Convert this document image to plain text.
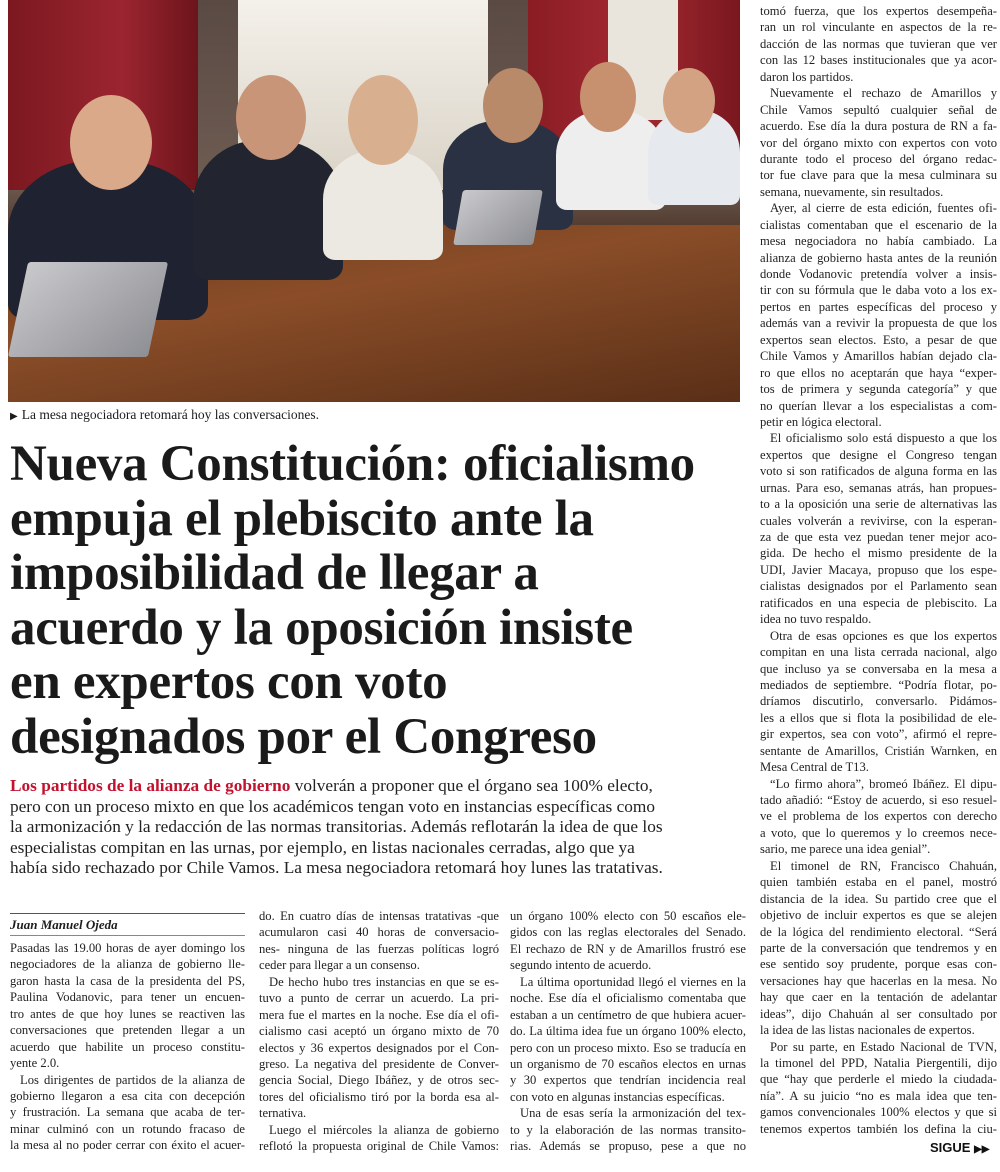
▶ La mesa negociadora retomará hoy las conversaciones.
Nueva Constitución: oficialismo
empuja el plebiscito ante la
imposibilidad de llegar a
acuerdo y la oposición insiste
en expertos con voto
designados por el Congreso
Los partidos de la alianza de gobierno volverán a proponer que el órgano sea 100% electo,
pero con un proceso mixto en que los académicos tengan voto en instancias específicas como
la armonización y la redacción de las normas transitorias. Además reflotarán la idea de que los
especialistas compitan en las urnas, por ejemplo, en listas nacionales cerradas, algo que ya
había sido rechazado por Chile Vamos. La mesa negociadora retomará hoy lunes las tratativas.
Juan Manuel Ojeda
Pasadas las 19.00 horas de ayer domingo los
negociadores de la alianza de gobierno lle-
garon hasta la casa de la presidenta del PS,
Paulina Vodanovic, para tener un encuen-
tro antes de que hoy lunes se reactiven las
conversaciones que pretenden llegar a un
acuerdo que habilite un proceso constitu-
yente 2.0.
Los dirigentes de partidos de la alianza de
gobierno llegaron a esa cita con decepción
y frustración. La semana que acaba de ter-
minar culminó con un rotundo fracaso de
la mesa al no poder cerrar con éxito el acuer-
do. En cuatro días de intensas tratativas -que
acumularon casi 40 horas de conversacio-
nes- ninguna de las fuerzas políticas logró
ceder para llegar a un consenso.
De hecho hubo tres instancias en que se es-
tuvo a punto de cerrar un acuerdo. La pri-
mera fue el martes en la noche. Ese día el ofi-
cialismo casi aceptó un órgano mixto de 70
electos y 36 expertos designados por el Con-
greso. La negativa del presidente de Conver-
gencia Social, Diego Ibáñez, y de otros sec-
tores del oficialismo tiró por la borda esa al-
ternativa.
Luego el miércoles la alianza de gobierno
reflotó la propuesta original de Chile Vamos:
un órgano 100% electo con 50 escaños ele-
gidos con las reglas electorales del Senado.
El rechazo de RN y de Amarillos frustró ese
segundo intento de acuerdo.
La última oportunidad llegó el viernes en la
noche. Ese día el oficialismo comentaba que
estaban a un centímetro de que hubiera acuer-
do. La última idea fue un órgano 100% electo,
pero con un proceso mixto. Eso se traducía en
un organismo de 70 escaños electos en urnas
y 30 expertos que tendrían incidencia real
con voto en algunas instancias específicas.
Una de esas sería la armonización del tex-
to y la elaboración de las normas transito-
rias. Además se propuso, pese a que no
tomó fuerza, que los expertos desempeña-
ran un rol vinculante en aspectos de la re-
dacción de las normas que tuvieran que ver
con las 12 bases institucionales que ya acor-
daron los partidos.
Nuevamente el rechazo de Amarillos y
Chile Vamos sepultó cualquier señal de
acuerdo. Ese día la dura postura de RN a fa-
vor del órgano mixto con expertos con voto
durante todo el proceso del órgano redac-
tor fue clave para que la mesa culminara su
semana, nuevamente, sin resultados.
Ayer, al cierre de esta edición, fuentes ofi-
cialistas comentaban que el escenario de la
mesa negociadora no había cambiado. La
alianza de gobierno hasta antes de la reunión
donde Vodanovic pretendía volver a insis-
tir con su fórmula que le daba voto a los ex-
pertos en partes específicas del proceso y
además van a revivir la propuesta de que los
expertos sean electos. Esto, a pesar de que
Chile Vamos y Amarillos habían dejado cla-
ro que ellos no aceptarán que haya “exper-
tos de primera y segunda categoría” y que
no querían llevar a los especialistas a com-
petir en lógica electoral.
El oficialismo solo está dispuesto a que los
expertos que designe el Congreso tengan
voto si son ratificados de alguna forma en las
urnas. Para eso, semanas atrás, han propues-
to a la oposición una serie de alternativas las
cuales volverán a revivirse, con la esperan-
za de que esta vez puedan tener mejor aco-
gida. De hecho el mismo presidente de la
UDI, Javier Macaya, propuso que los espe-
cialistas designados por el Parlamento sean
ratificados en una especia de plebiscito. La
idea no tuvo respaldo.
Otra de esas opciones es que los expertos
compitan en una lista cerrada nacional, algo
que incluso ya se conversaba en la mesa a
mediados de septiembre. “Podría flotar, po-
dríamos discutirlo, conversarlo. Pidámos-
les a ellos que si flota la posibilidad de ele-
gir expertos, sea con voto”, afirmó el repre-
sentante de Amarillos, Cristián Warnken, en
Mesa Central de T13.
“Lo firmo ahora”, bromeó Ibáñez. El dipu-
tado añadió: “Estoy de acuerdo, si eso resuel-
ve el problema de los expertos con derecho
a voto, que lo queremos y lo creemos nece-
sario, me parece una idea genial”.
El timonel de RN, Francisco Chahuán,
quien también estaba en el panel, mostró
distancia de la idea. Su partido cree que el
objetivo de incluir expertos es que se alejen
de la lógica del rendimiento electoral. “Será
parte de la conversación que tendremos y en
ese sentido soy prudente, porque esas con-
versaciones hay que hacerlas en la mesa. No
hay que caer en la tentación de adelantar
ideas”, dijo Chahuán al ser consultado por
la idea de las listas nacionales de expertos.
Por su parte, en Estado Nacional de TVN,
la timonel del PPD, Natalia Piergentili, dijo
que “hay que perderle el miedo la ciudada-
nía”. A su juicio “no es mala idea que ten-
gamos convencionales 100% electos y que si
tenemos expertos también los defina la ciu-
SIGUE ▶▶
